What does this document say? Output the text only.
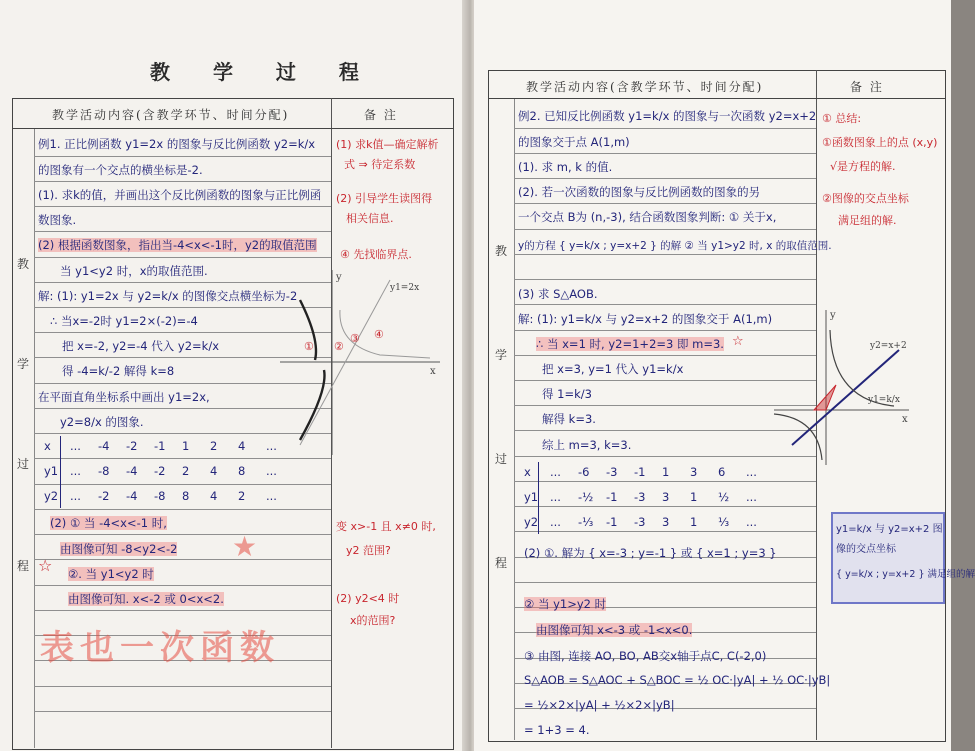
教 学 过 程
教学活动内容(含教学环节、时间分配)	备 注
教
学
过
程
例1. 正比例函数 y1=2x 的图象与反比例函数 y2=k/x
的图象有一个交点的横坐标是-2.
(1). 求k的值，并画出这个反比例函数的图象与正比例函
数图象.
(2) 根据函数图象，指出当-4<x<-1时，y2的取值范围
当 y1<y2 时，x的取值范围.
解: (1): y1=2x 与 y2=k/x 的图像交点横坐标为-2
∴ 当x=-2时 y1=2×(-2)=-4
把 x=-2, y2=-4 代入 y2=k/x
得 -4=k/-2 解得 k=8
在平面直角坐标系中画出 y1=2x,
y2=8/x 的图象.
x
y1
y2
... -4 -2 -1 1 2 4 ...
... -8 -4 -2 2 4 8 ...
... -2 -4 -8 8 4 2 ...
(2) ① 当 -4<x<-1 时,
由图像可知 -8<y2<-2
②. 当 y1<y2 时
由图像可知. x<-2 或 0<x<2.
☆
表也一次函数
★
(1) 求k值—确定解析
式 ⇒ 待定系数
(2) 引导学生读图得
相关信息.
④ 先找临界点.
变 x>-1 且 x≠0 时,
y2 范围?
(2) y2<4 时
x的范围?
y
x
y1=2x
① ②
③ ④
教学活动内容(含教学环节、时间分配)	备 注
教
学
过
程
例2. 已知反比例函数 y1=k/x 的图象与一次函数 y2=x+2
的图象交于点 A(1,m)
(1). 求 m, k 的值.
(2). 若一次函数的图象与反比例函数的图象的另
一个交点 B为 (n,-3), 结合函数图象判断: ① 关于x,
y的方程 { y=k/x ; y=x+2 } 的解 ② 当 y1>y2 时, x 的取值范围.
(3) 求 S△AOB.
解: (1): y1=k/x 与 y2=x+2 的图象交于 A(1,m)
∴ 当 x=1 时, y2=1+2=3 即 m=3.
把 x=3, y=1 代入 y1=k/x
得 1=k/3
解得 k=3.
综上 m=3, k=3.
☆
x
y1
y2
... -6 -3 -1 1 3 6 ...
... -½ -1 -3 3 1 ½ ...
... -⅓ -1 -3 3 1 ⅓ ...
(2) ①. 解为 { x=-3 ; y=-1 } 或 { x=1 ; y=3 }
② 当 y1>y2 时
由图像可知 x<-3 或 -1<x<0.
③ 由图, 连接 AO, BO, AB交x轴于点C, C(-2,0)
S△AOB = S△AOC + S△BOC = ½ OC·|yA| + ½ OC·|yB|
= ½×2×|yA| + ½×2×|yB|
= 1+3 = 4.
① 总结:
①函数图象上的点 (x,y)
√是方程的解.
②图像的交点坐标
满足组的解.
y1=k/x 与 y2=x+2 图
像的交点坐标
{ y=k/x ; y=x+2 } 满足组的解
y
x
y2=x+2
y1=k/x
